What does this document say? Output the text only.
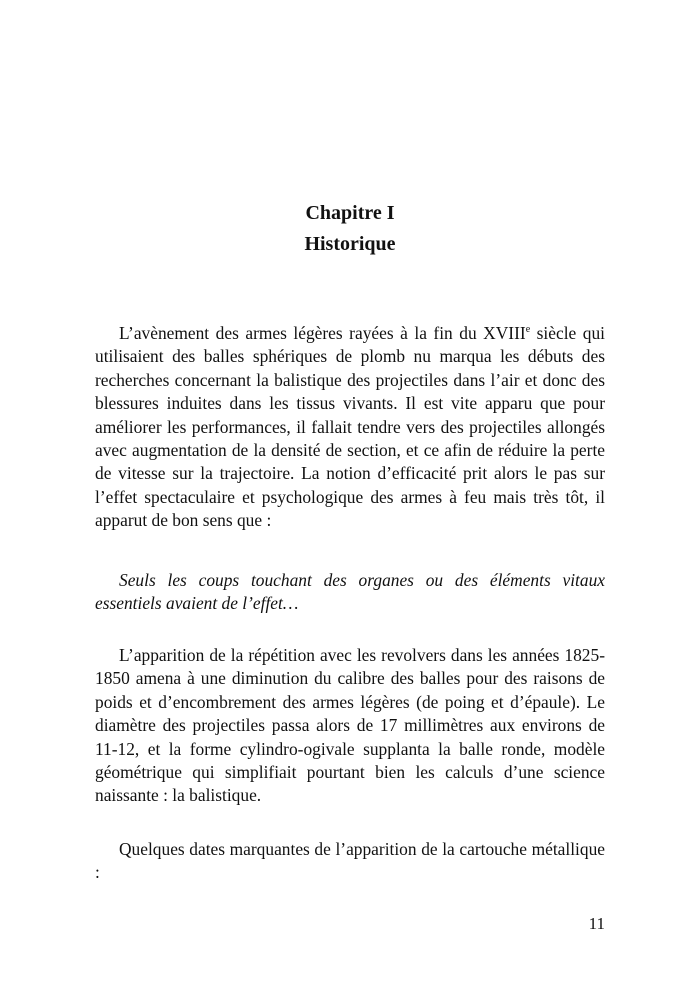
Chapitre I
Historique

L’avènement des armes légères rayées à la fin du XVIIIe siècle qui utilisaient des balles sphériques de plomb nu marqua les débuts des recherches concernant la balistique des projectiles dans l’air et donc des blessures induites dans les tissus vivants. Il est vite apparu que pour améliorer les performances, il fallait tendre vers des projectiles allongés avec augmentation de la densité de section, et ce afin de réduire la perte de vitesse sur la trajectoire. La notion d’efficacité prit alors le pas sur l’effet spectaculaire et psychologique des armes à feu mais très tôt, il apparut de bon sens que :

Seuls les coups touchant des organes ou des éléments vitaux essentiels avaient de l’effet…

L’apparition de la répétition avec les revolvers dans les années 1825-1850 amena à une diminution du calibre des balles pour des raisons de poids et d’encombrement des armes légères (de poing et d’épaule). Le diamètre des projectiles passa alors de 17 millimètres aux environs de 11-12, et la forme cylindro-ogivale supplanta la balle ronde, modèle géométrique qui simplifiait pourtant bien les calculs d’une science naissante : la balistique.

Quelques dates marquantes de l’apparition de la cartouche métallique :

11
